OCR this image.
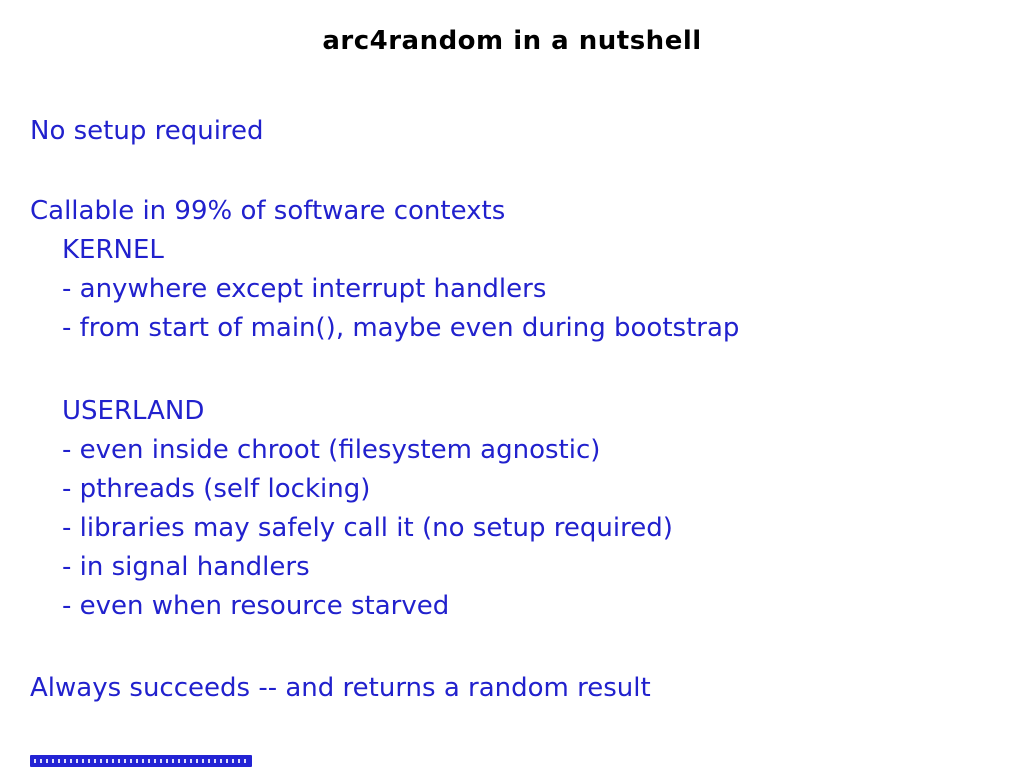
arc4random in a nutshell
No setup required
Callable in 99% of software contexts
KERNEL
- anywhere except interrupt handlers
- from start of main(), maybe even during bootstrap
USERLAND
- even inside chroot (filesystem agnostic)
- pthreads (self locking)
- libraries may safely call it (no setup required)
- in signal handlers
- even when resource starved
Always succeeds -- and returns a random result
